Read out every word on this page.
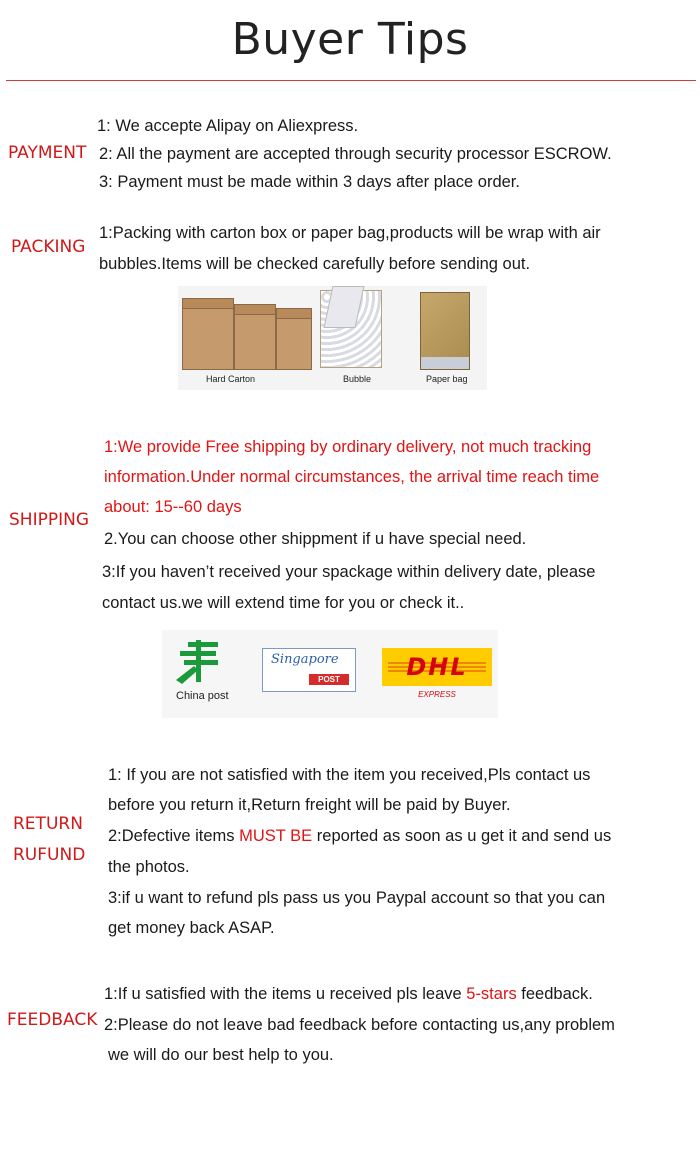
Buyer Tips
PAYMENT
1: We accepte Alipay on Aliexpress.
2: All the payment are accepted through security processor ESCROW.
3: Payment must be made within 3 days after place order.
PACKING
1:Packing with carton box or paper bag,products will be wrap with air
bubbles.Items will be checked carefully before sending out.
Hard Carton	Bubble	Paper bag
SHIPPING
1:We provide Free shipping by ordinary delivery, not much tracking
information.Under normal circumstances, the arrival time reach time
about: 15--60 days
2.You can choose other shippment if u have special need.
3:If you haven’t received your spackage within delivery date, please
contact us.we will extend time for you or check it..
China post
Singapore
POST	DHL
EXPRESS
RETURN
RUFUND
1: If you are not satisfied with the item you received,Pls contact us
before you return it,Return freight will be paid by Buyer.
2:Defective items MUST BE reported as soon as u get it and send us
the photos.
3:if u want to refund pls pass us you Paypal account so that you can
get money back ASAP.
FEEDBACK
1:If u satisfied with the items u received pls leave 5-stars feedback.
2:Please do not leave bad feedback before contacting us,any problem
we will do our best help to you.
